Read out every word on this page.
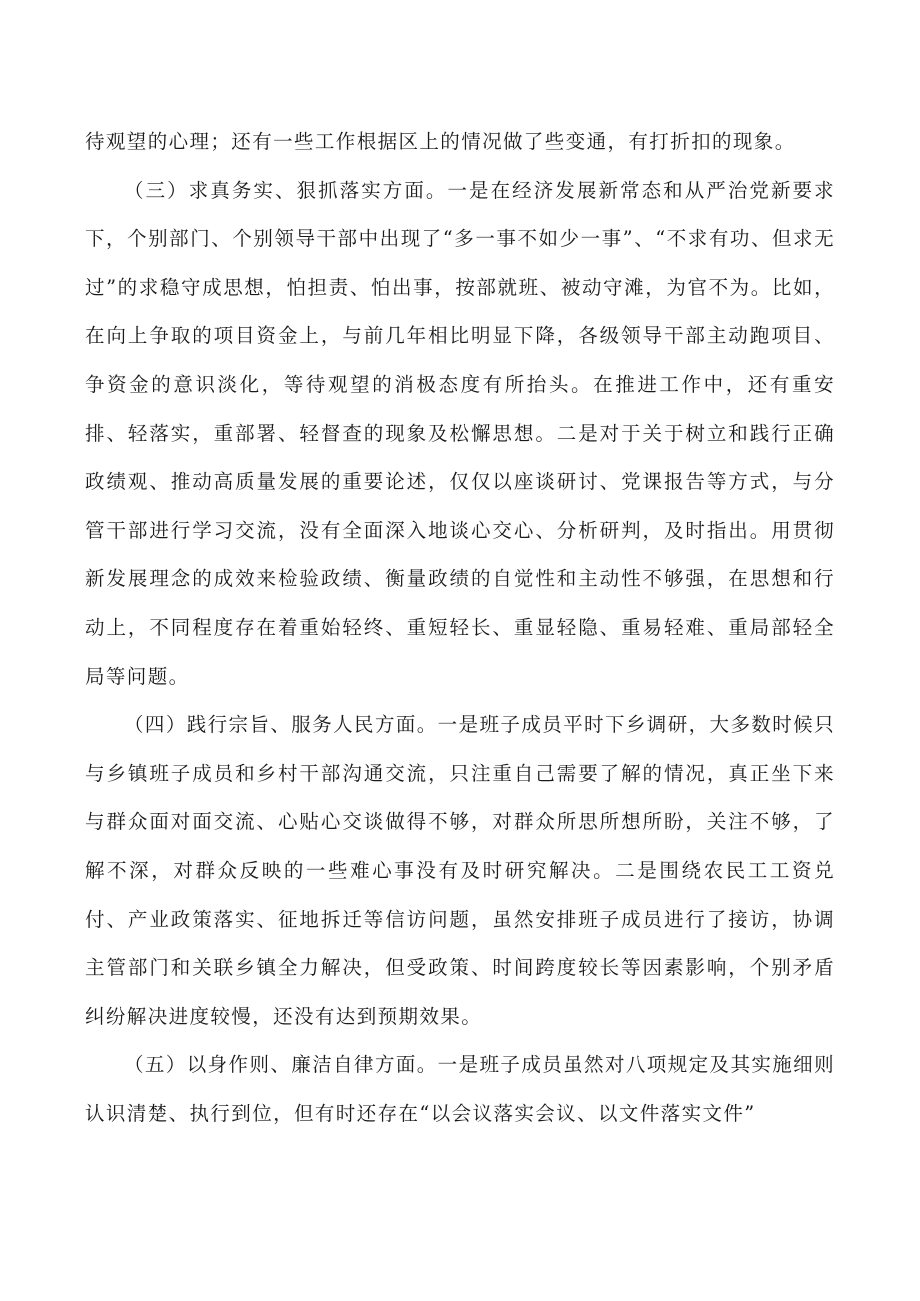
待观望的心理；还有一些工作根据区上的情况做了些变通，有打折扣的现象。

（三）求真务实、狠抓落实方面。一是在经济发展新常态和从严治党新要求下，个别部门、个别领导干部中出现了“多一事不如少一事”、“不求有功、但求无过”的求稳守成思想，怕担责、怕出事，按部就班、被动守滩，为官不为。比如，在向上争取的项目资金上，与前几年相比明显下降，各级领导干部主动跑项目、争资金的意识淡化，等待观望的消极态度有所抬头。在推进工作中，还有重安排、轻落实，重部署、轻督查的现象及松懈思想。二是对于关于树立和践行正确政绩观、推动高质量发展的重要论述，仅仅以座谈研讨、党课报告等方式，与分管干部进行学习交流，没有全面深入地谈心交心、分析研判，及时指出。用贯彻新发展理念的成效来检验政绩、衡量政绩的自觉性和主动性不够强，在思想和行动上，不同程度存在着重始轻终、重短轻长、重显轻隐、重易轻难、重局部轻全局等问题。

（四）践行宗旨、服务人民方面。一是班子成员平时下乡调研，大多数时候只与乡镇班子成员和乡村干部沟通交流，只注重自己需要了解的情况，真正坐下来与群众面对面交流、心贴心交谈做得不够，对群众所思所想所盼，关注不够，了解不深，对群众反映的一些难心事没有及时研究解决。二是围绕农民工工资兑付、产业政策落实、征地拆迁等信访问题，虽然安排班子成员进行了接访，协调主管部门和关联乡镇全力解决，但受政策、时间跨度较长等因素影响，个别矛盾纠纷解决进度较慢，还没有达到预期效果。

（五）以身作则、廉洁自律方面。一是班子成员虽然对八项规定及其实施细则认识清楚、执行到位，但有时还存在“以会议落实会议、以文件落实文件”
